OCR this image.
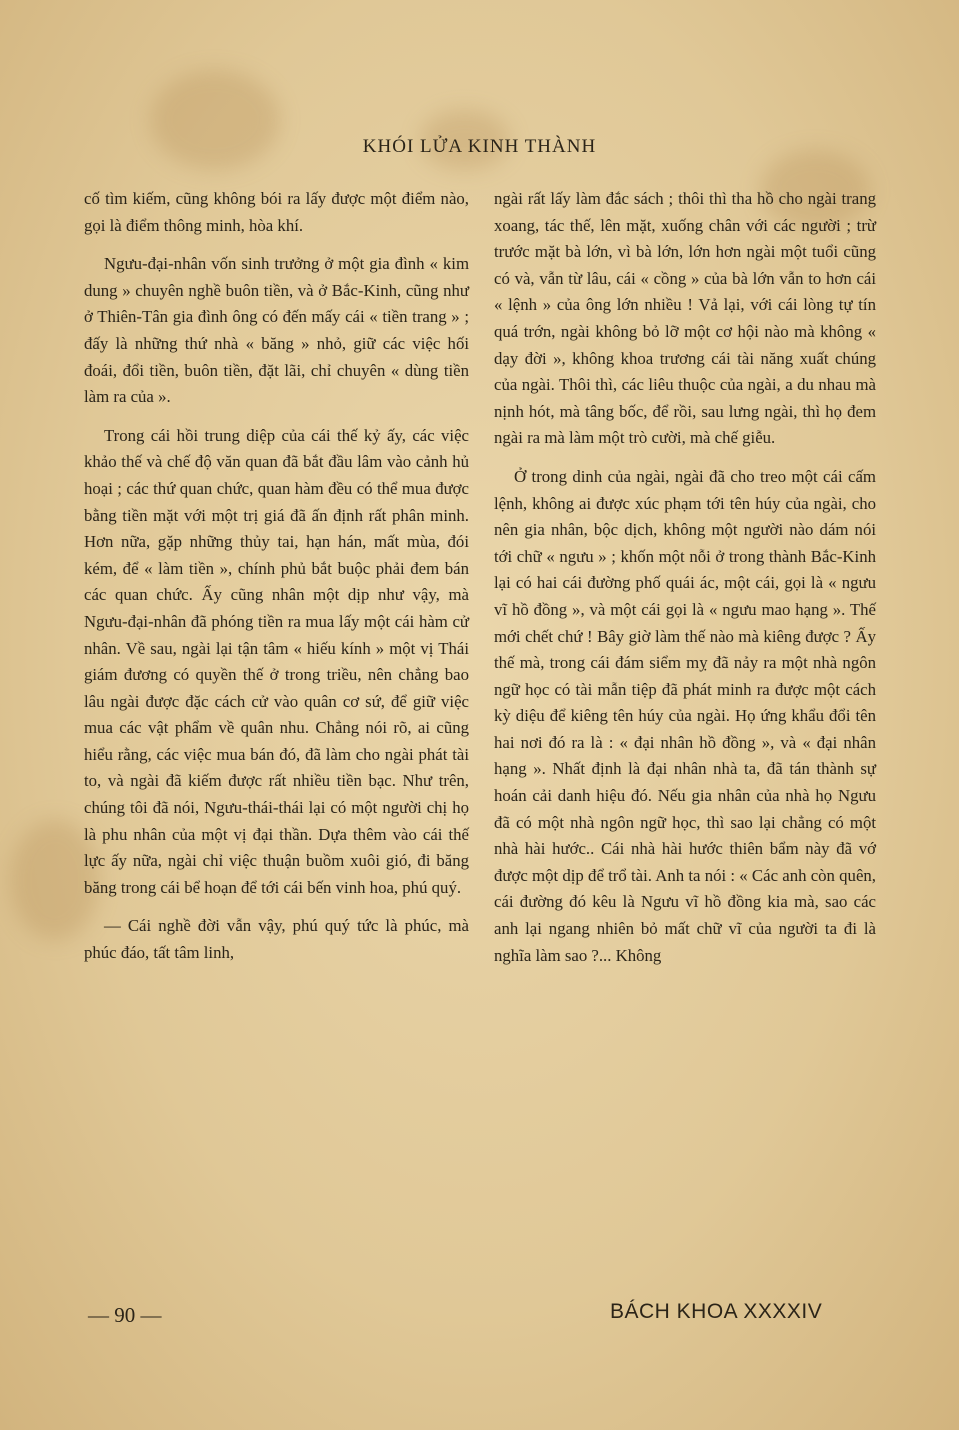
KHÓI LỬA KINH THÀNH

cố tìm kiếm, cũng không bói ra lấy được một điểm nào, gọi là điểm thông minh, hòa khí.

Ngưu-đại-nhân vốn sinh trưởng ở một gia đình « kim dung » chuyên nghề buôn tiền, và ở Bắc-Kinh, cũng như ở Thiên-Tân gia đình ông có đến mấy cái « tiền trang » ; đấy là những thứ nhà « băng » nhỏ, giữ các việc hối đoái, đổi tiền, buôn tiền, đặt lãi, chỉ chuyên « dùng tiền làm ra của ».

Trong cái hồi trung diệp của cái thế kỷ ấy, các việc khảo thế và chế độ văn quan đã bắt đầu lâm vào cảnh hủ hoại ; các thứ quan chức, quan hàm đều có thể mua được bằng tiền mặt với một trị giá đã ấn định rất phân minh. Hơn nữa, gặp những thủy tai, hạn hán, mất mùa, đói kém, để « làm tiền », chính phủ bắt buộc phải đem bán các quan chức. Ấy cũng nhân một dịp như vậy, mà Ngưu-đại-nhân đã phóng tiền ra mua lấy một cái hàm cử nhân. Về sau, ngài lại tận tâm « hiếu kính » một vị Thái giám đương có quyền thế ở trong triều, nên chẳng bao lâu ngài được đặc cách cử vào quân cơ sứ, để giữ việc mua các vật phẩm về quân nhu. Chẳng nói rõ, ai cũng hiểu rằng, các việc mua bán đó, đã làm cho ngài phát tài to, và ngài đã kiếm được rất nhiều tiền bạc. Như trên, chúng tôi đã nói, Ngưu-thái-thái lại có một người chị họ là phu nhân của một vị đại thần. Dựa thêm vào cái thế lực ấy nữa, ngài chỉ việc thuận buồm xuôi gió, đi băng băng trong cái bể hoạn để tới cái bến vinh hoa, phú quý.

— Cái nghề đời vẫn vậy, phú quý tức là phúc, mà phúc đáo, tất tâm linh,

ngài rất lấy làm đắc sách ; thôi thì tha hồ cho ngài trang xoang, tác thế, lên mặt, xuống chân với các người ; trừ trước mặt bà lớn, vì bà lớn, lớn hơn ngài một tuổi cũng có và, vẫn từ lâu, cái « cồng » của bà lớn vẫn to hơn cái « lệnh » của ông lớn nhiều ! Vả lại, với cái lòng tự tín quá trớn, ngài không bỏ lỡ một cơ hội nào mà không « dạy đời », không khoa trương cái tài năng xuất chúng của ngài. Thôi thì, các liêu thuộc của ngài, a du nhau mà nịnh hót, mà tâng bốc, để rồi, sau lưng ngài, thì họ đem ngài ra mà làm một trò cười, mà chế giễu.

Ở trong dinh của ngài, ngài đã cho treo một cái cấm lệnh, không ai được xúc phạm tới tên húy của ngài, cho nên gia nhân, bộc dịch, không một người nào dám nói tới chữ « ngưu » ; khốn một nỗi ở trong thành Bắc-Kinh lại có hai cái đường phố quái ác, một cái, gọi là « ngưu vĩ hồ đồng », và một cái gọi là « ngưu mao hạng ». Thế mới chết chứ ! Bây giờ làm thế nào mà kiêng được ? Ấy thế mà, trong cái đám siểm mỵ đã nảy ra một nhà ngôn ngữ học có tài mẫn tiệp đã phát minh ra được một cách kỳ diệu để kiêng tên húy của ngài. Họ ứng khẩu đổi tên hai nơi đó ra là : « đại nhân hồ đồng », và « đại nhân hạng ». Nhất định là đại nhân nhà ta, đã tán thành sự hoán cải danh hiệu đó. Nếu gia nhân của nhà họ Ngưu đã có một nhà ngôn ngữ học, thì sao lại chẳng có một nhà hài hước.. Cái nhà hài hước thiên bẩm này đã vớ được một dịp để trổ tài. Anh ta nói : « Các anh còn quên, cái đường đó kêu là Ngưu vĩ hồ đồng kia mà, sao các anh lại ngang nhiên bỏ mất chữ vĩ của người ta đi là nghĩa làm sao ?... Không

— 90 —	BÁCH KHOA XXXXIV
